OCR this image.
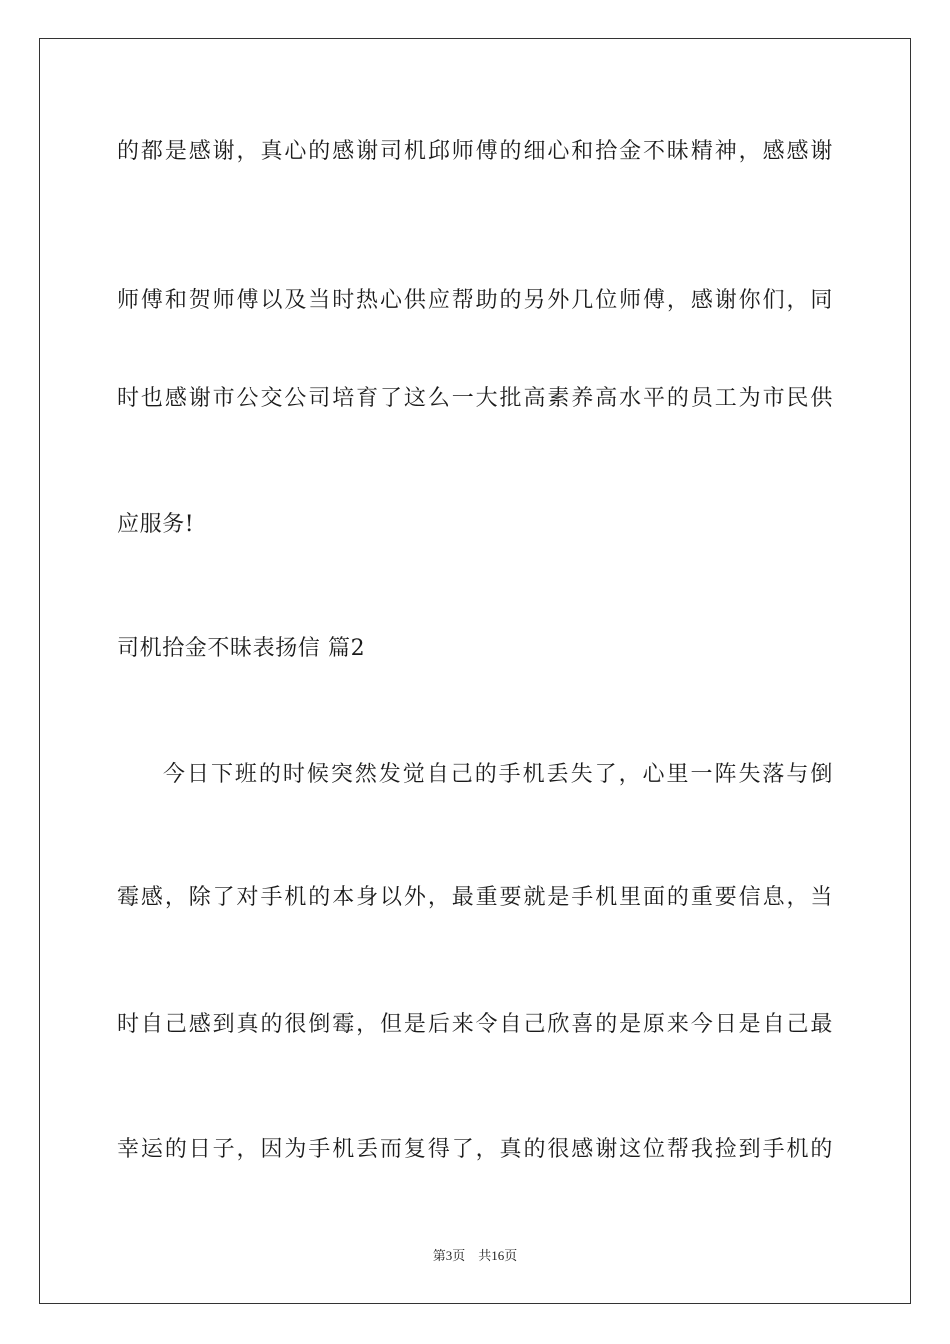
的都是感谢，真心的感谢司机邱师傅的细心和拾金不昧精神，感感谢
师傅和贺师傅以及当时热心供应帮助的另外几位师傅，感谢你们，同
时也感谢市公交公司培育了这么一大批高素养高水平的员工为市民供
应服务!
司机拾金不昧表扬信 篇2
今日下班的时候突然发觉自己的手机丢失了，心里一阵失落与倒
霉感，除了对手机的本身以外，最重要就是手机里面的重要信息，当
时自己感到真的很倒霉，但是后来令自己欣喜的是原来今日是自己最
幸运的日子，因为手机丢而复得了，真的很感谢这位帮我捡到手机的
第3页 共16页
